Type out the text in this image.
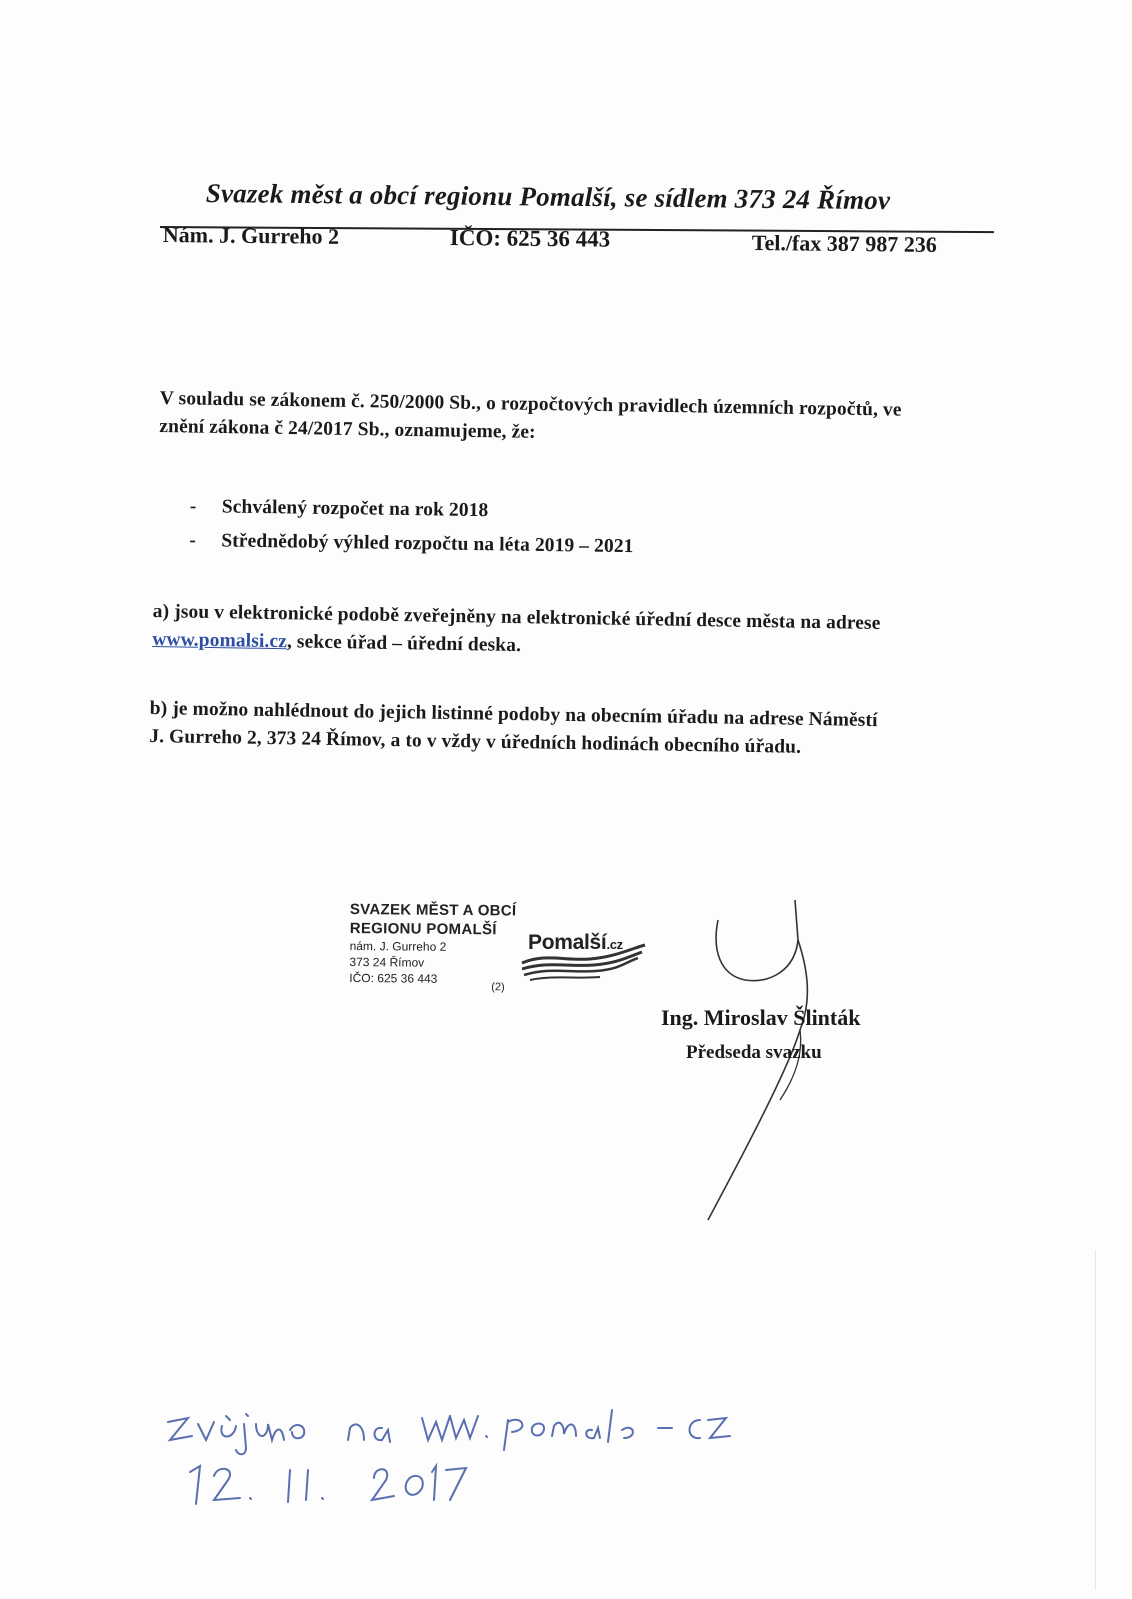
Svazek měst a obcí regionu Pomalší, se sídlem 373 24 Římov
Nám. J. Gurreho 2	IČO: 625 36 443	Tel./fax 387 987 236
V souladu se zákonem č. 250/2000 Sb., o rozpočtových pravidlech územních rozpočtů, ve
znění zákona č 24/2017 Sb., oznamujeme, že:
- Schválený rozpočet na rok 2018
- Střednědobý výhled rozpočtu na léta 2019 – 2021
a) jsou v elektronické podobě zveřejněny na elektronické úřední desce města na adrese
www.pomalsi.cz, sekce úřad – úřední deska.
b) je možno nahlédnout do jejich listinné podoby na obecním úřadu na adrese Náměstí
J. Gurreho 2, 373 24 Římov, a to v vždy v úředních hodinách obecního úřadu.
SVAZEK MĚST A OBCÍ
REGIONU POMALŠÍ
nám. J. Gurreho 2
373 24 Římov
IČO: 625 36 443
(2)
Pomalší.cz
Ing. Miroslav Šlinták
Předseda svazku
